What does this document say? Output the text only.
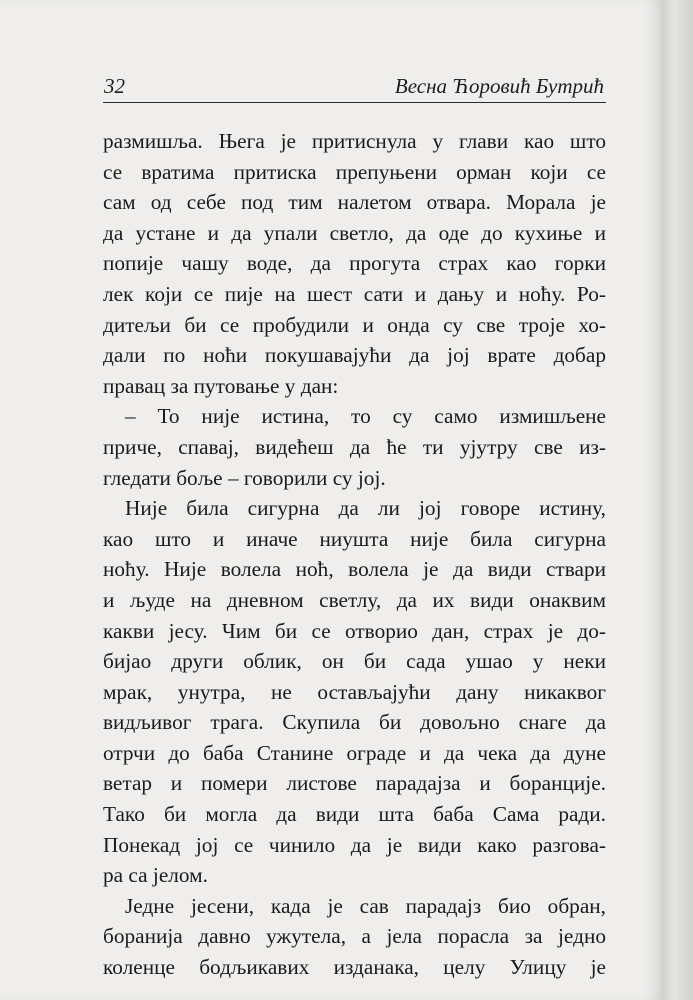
32	Весна Ћоровић Бутрић
размишља. Њега је притиснула у глави као што
се вратима притиска препуњени орман који се
сам од себе под тим налетом отвара. Морала је
да устане и да упали светло, да оде до кухиње и
попије чашу воде, да прогута страх као горки
лек који се пије на шест сати и дању и ноћу. Ро-
дитељи би се пробудили и онда су све троје хо-
дали по ноћи покушавајући да јој врате добар
правац за путовање у дан:
– То није истина, то су само измишљене
приче, спавај, видећеш да ће ти ујутру све из-
гледати боље – говорили су јој.
Није била сигурна да ли јој говоре истину,
као што и иначе ниушта није била сигурна
ноћу. Није волела ноћ, волела је да види ствари
и људе на дневном светлу, да их види онаквим
какви јесу. Чим би се отворио дан, страх је до-
бијао други облик, он би сада ушао у неки
мрак, унутра, не остављајући дану никаквог
видљивог трага. Скупила би довољно снаге да
отрчи до баба Станине ограде и да чека да дуне
ветар и помери листове парадајза и боранције.
Тако би могла да види шта баба Сама ради.
Понекад јој се чинило да је види како разгова-
ра са јелом.
Једне јесени, када је сав парадајз био обран,
боранија давно ужутела, а јела порасла за једно
коленце бодљикавих изданака, целу Улицу је
